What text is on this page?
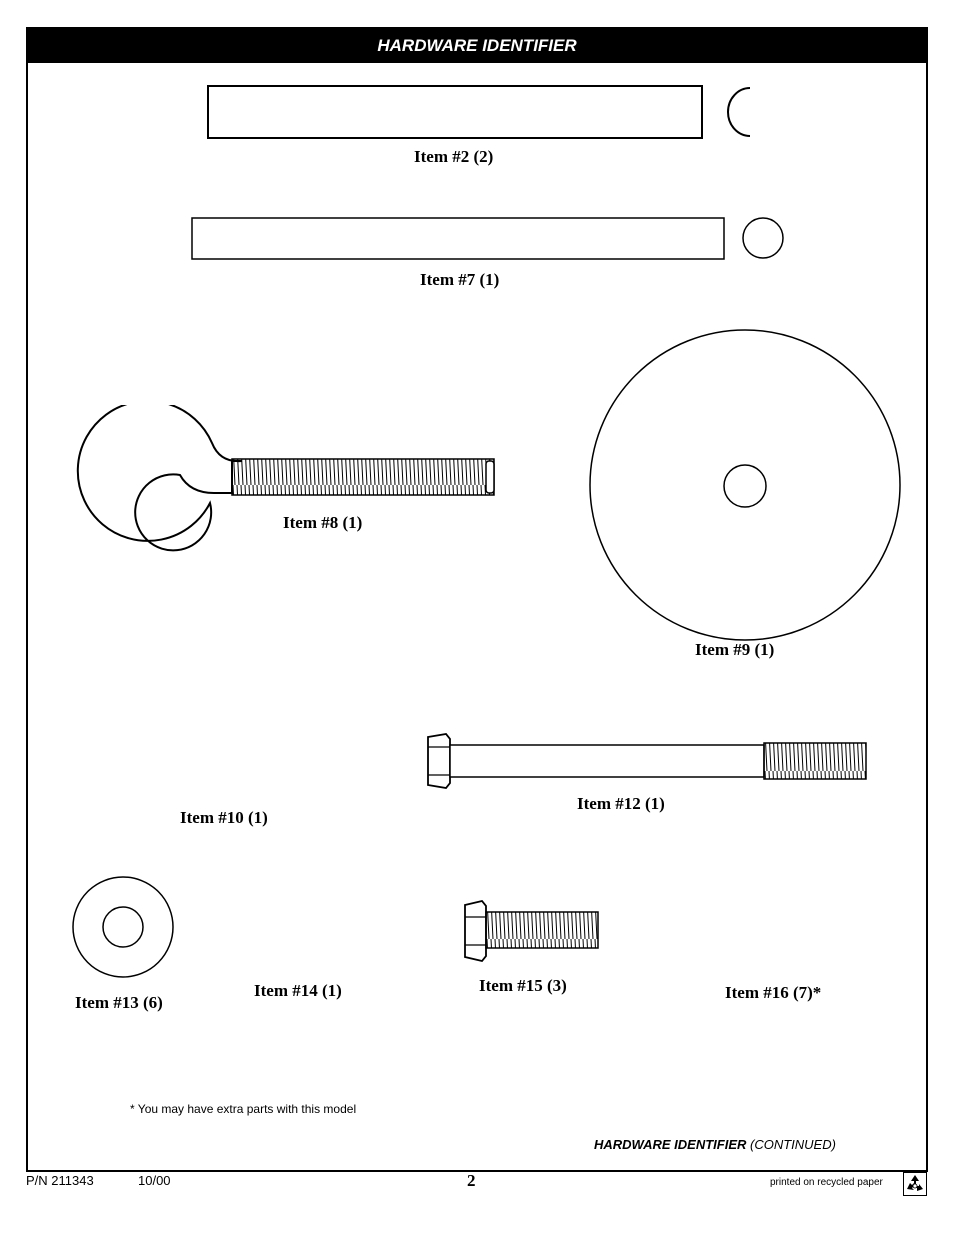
HARDWARE IDENTIFIER
Item #2 (2)
Item #7 (1)
Item #8 (1)
Item #9 (1)
Item #10 (1)
Item #12 (1)
Item #13 (6)
Item #14 (1)	Item #15 (3)	Item #16 (7)*
* You may have extra parts with this model
HARDWARE IDENTIFIER (CONTINUED)
P/N 211343	10/00	2	printed on recycled paper
